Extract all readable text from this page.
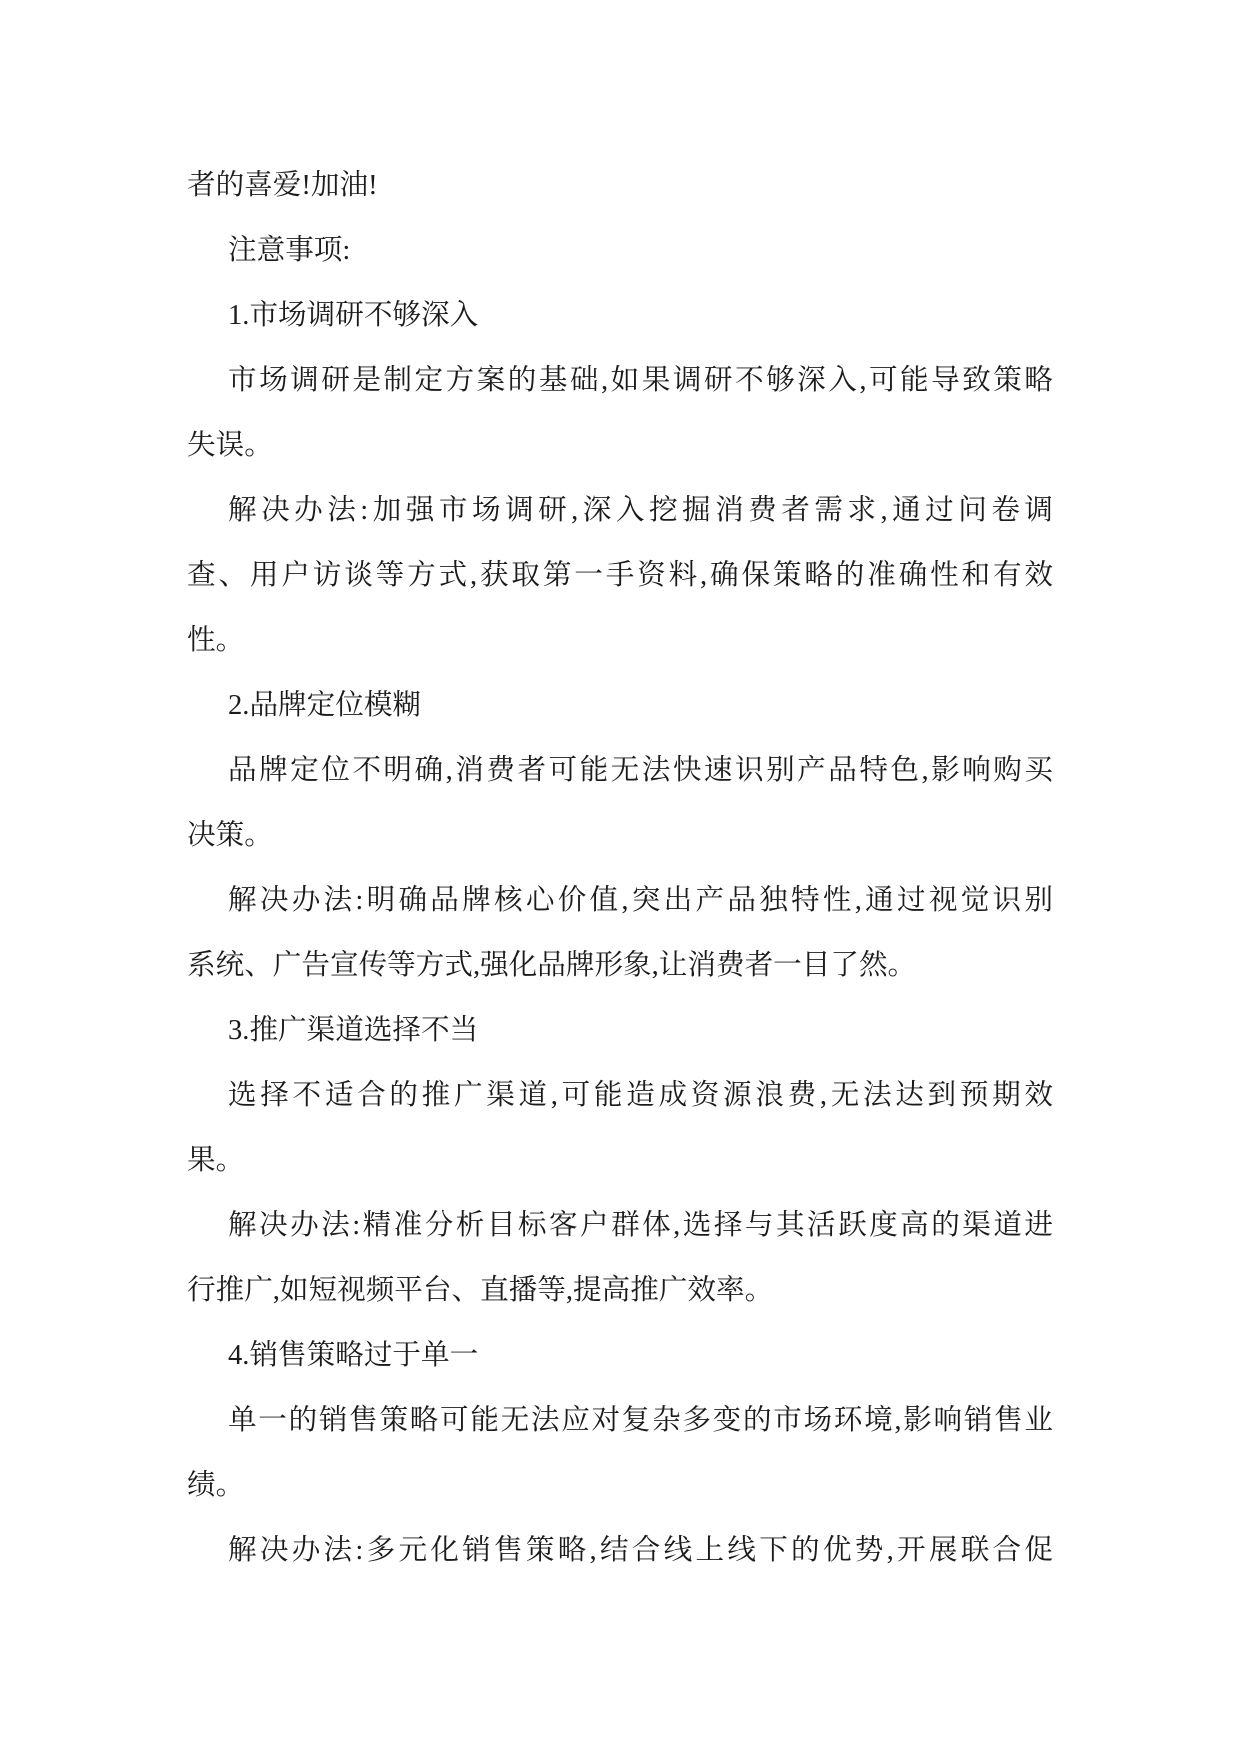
者的喜爱!加油!
注意事项:
1.市场调研不够深入
市场调研是制定方案的基础,如果调研不够深入,可能导致策略
失误。
解决办法:加强市场调研,深入挖掘消费者需求,通过问卷调
查、用户访谈等方式,获取第一手资料,确保策略的准确性和有效
性。
2.品牌定位模糊
品牌定位不明确,消费者可能无法快速识别产品特色,影响购买
决策。
解决办法:明确品牌核心价值,突出产品独特性,通过视觉识别
系统、广告宣传等方式,强化品牌形象,让消费者一目了然。
3.推广渠道选择不当
选择不适合的推广渠道,可能造成资源浪费,无法达到预期效
果。
解决办法:精准分析目标客户群体,选择与其活跃度高的渠道进
行推广,如短视频平台、直播等,提高推广效率。
4.销售策略过于单一
单一的销售策略可能无法应对复杂多变的市场环境,影响销售业
绩。
解决办法:多元化销售策略,结合线上线下的优势,开展联合促
